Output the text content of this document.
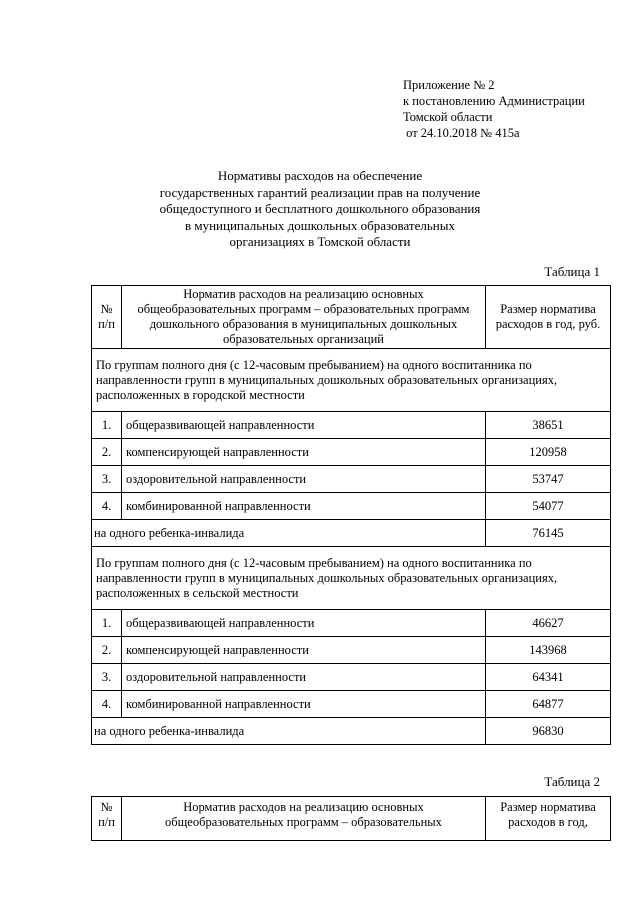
Приложение № 2
к постановлению Администрации
Томской области
от 24.10.2018 № 415а
Нормативы расходов на обеспечение
государственных гарантий реализации прав на получение
общедоступного и бесплатного дошкольного образования
в муниципальных дошкольных образовательных
организациях в Томской области
Таблица 1
№ п/п	Норматив расходов на реализацию основных общеобразовательных программ – образовательных программ дошкольного образования в муниципальных дошкольных образовательных организаций	Размер норматива расходов в год, руб.
По группам полного дня (с 12-часовым пребыванием) на одного воспитанника по направленности групп в муниципальных дошкольных образовательных организациях, расположенных в городской местности		
1.	общеразвивающей направленности	38651
2.	компенсирующей направленности	120958
3.	оздоровительной направленности	53747
4.	комбинированной направленности	54077
на одного ребенка-инвалида		76145
По группам полного дня (с 12-часовым пребыванием) на одного воспитанника по направленности групп в муниципальных дошкольных образовательных организациях, расположенных в сельской местности		
1.	общеразвивающей направленности	46627
2.	компенсирующей направленности	143968
3.	оздоровительной направленности	64341
4.	комбинированной направленности	64877
на одного ребенка-инвалида		96830
Таблица 2
№ п/п	Норматив расходов на реализацию основных общеобразовательных программ – образовательных	Размер норматива расходов в год,
